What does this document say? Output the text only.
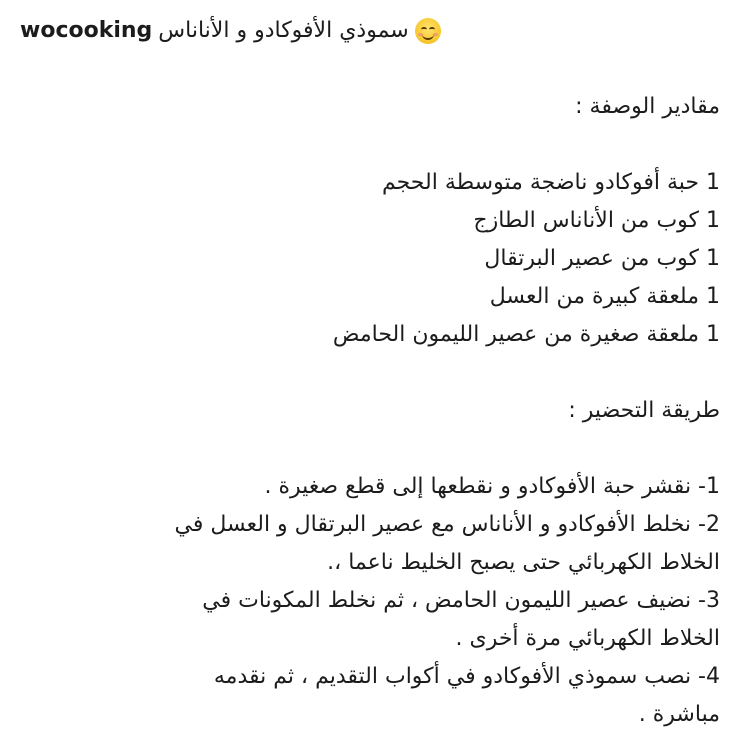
wocooking سموذي الأفوكادو و الأناناس
مقادير الوصفة :
1 حبة أفوكادو ناضجة متوسطة الحجم
1 كوب من الأناناس الطازج
1 كوب من عصير البرتقال
1 ملعقة كبيرة من العسل
1 ملعقة صغيرة من عصير الليمون الحامض
طريقة التحضير :
1- نقشر حبة الأفوكادو و نقطعها إلى قطع صغيرة .
2- نخلط الأفوكادو و الأناناس مع عصير البرتقال و العسل في
الخلاط الكهربائي حتى يصبح الخليط ناعما ،.
3- نضيف عصير الليمون الحامض ، ثم نخلط المكونات في
الخلاط الكهربائي مرة أخرى .
4- نصب سموذي الأفوكادو في أكواب التقديم ، ثم نقدمه
مباشرة .
